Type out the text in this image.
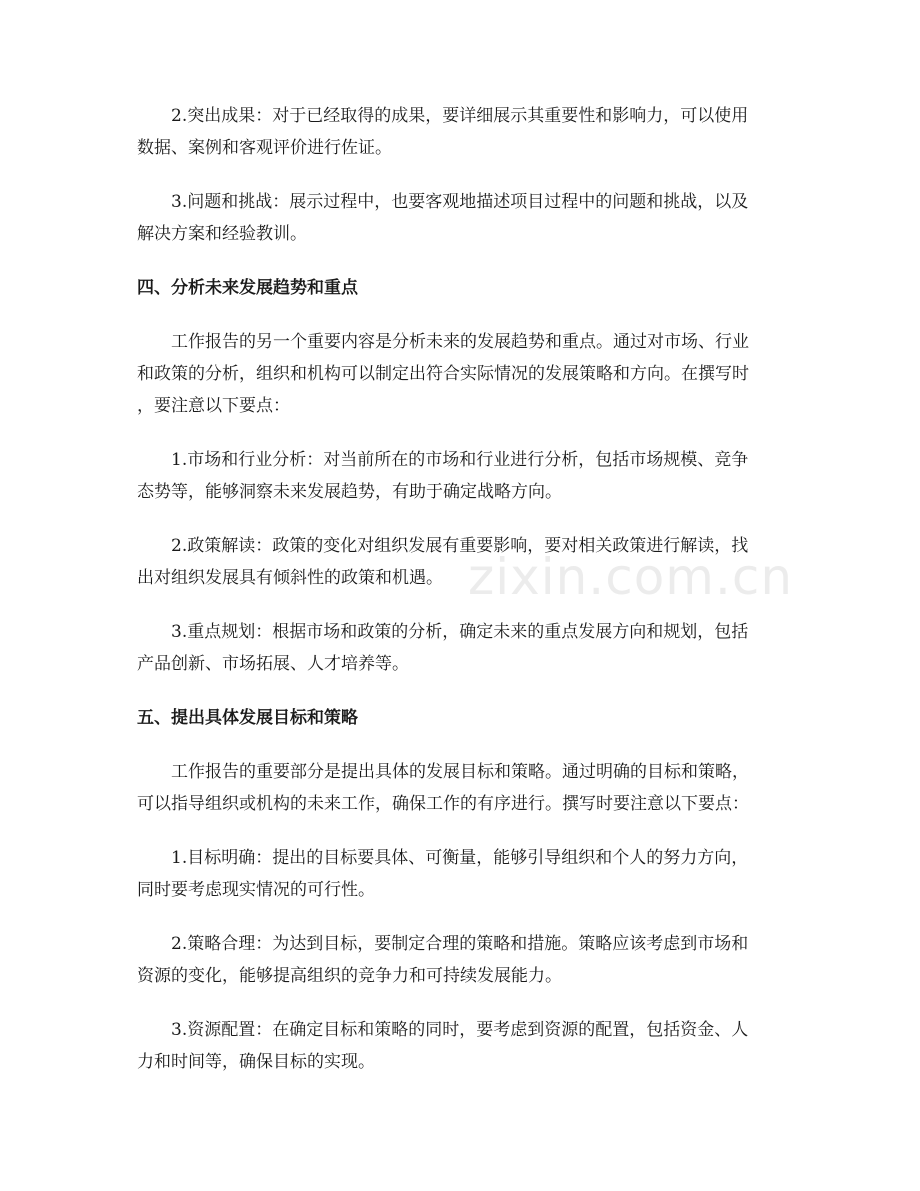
2.突出成果：对于已经取得的成果，要详细展示其重要性和影响力，可以使用
数据、案例和客观评价进行佐证。
3.问题和挑战：展示过程中，也要客观地描述项目过程中的问题和挑战，以及
解决方案和经验教训。
四、分析未来发展趋势和重点
工作报告的另一个重要内容是分析未来的发展趋势和重点。通过对市场、行业
和政策的分析，组织和机构可以制定出符合实际情况的发展策略和方向。在撰写时
，要注意以下要点：
1.市场和行业分析：对当前所在的市场和行业进行分析，包括市场规模、竞争
态势等，能够洞察未来发展趋势，有助于确定战略方向。
2.政策解读：政策的变化对组织发展有重要影响，要对相关政策进行解读，找
出对组织发展具有倾斜性的政策和机遇。
3.重点规划：根据市场和政策的分析，确定未来的重点发展方向和规划，包括
产品创新、市场拓展、人才培养等。
五、提出具体发展目标和策略
工作报告的重要部分是提出具体的发展目标和策略。通过明确的目标和策略，
可以指导组织或机构的未来工作，确保工作的有序进行。撰写时要注意以下要点：
1.目标明确：提出的目标要具体、可衡量，能够引导组织和个人的努力方向，
同时要考虑现实情况的可行性。
2.策略合理：为达到目标，要制定合理的策略和措施。策略应该考虑到市场和
资源的变化，能够提高组织的竞争力和可持续发展能力。
3.资源配置：在确定目标和策略的同时，要考虑到资源的配置，包括资金、人
力和时间等，确保目标的实现。
zixin.com.cn
